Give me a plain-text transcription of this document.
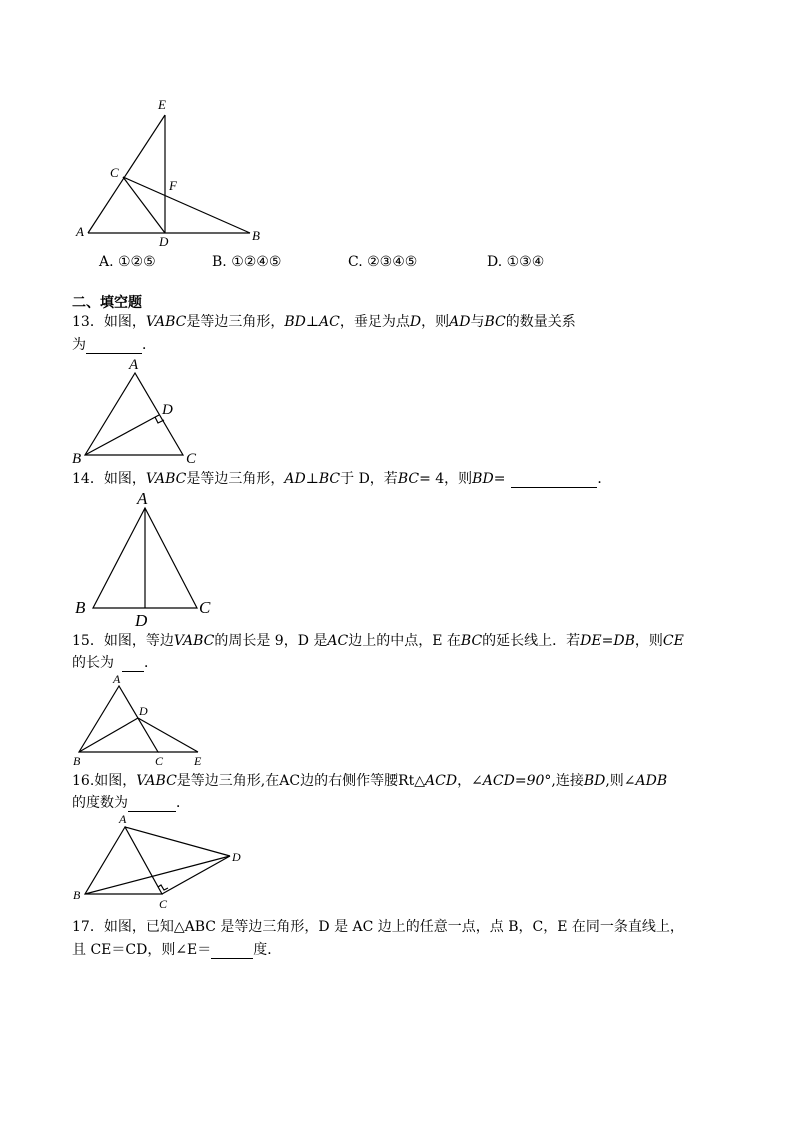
E
C
F
A
D	B
A
D
B	C
A
B
D
C
A
D
B	C	E
A
D
B
C
A. ①②⑤	B. ①②④⑤	C. ②③④⑤	D. ①③④
二、填空题
13．如图，VABC是等边三角形，BD⊥AC，垂足为点D，则AD与BC的数量关系
为	．
14．如图，VABC是等边三角形，AD⊥BC于 D，若BC= 4，则BD=	．
15．如图，等边VABC的周长是 9，D 是AC边上的中点，E 在BC的延长线上．若DE=DB，则CE
的长为 ．
16.如图，VABC是等边三角形,在AC边的右侧作等腰Rt△ACD，∠ACD=90°,连接BD,则∠ADB
的度数为	．
17．如图，已知△ABC 是等边三角形，D 是 AC 边上的任意一点，点 B，C，E 在同一条直线上，
且 CE＝CD，则∠E＝	度．
